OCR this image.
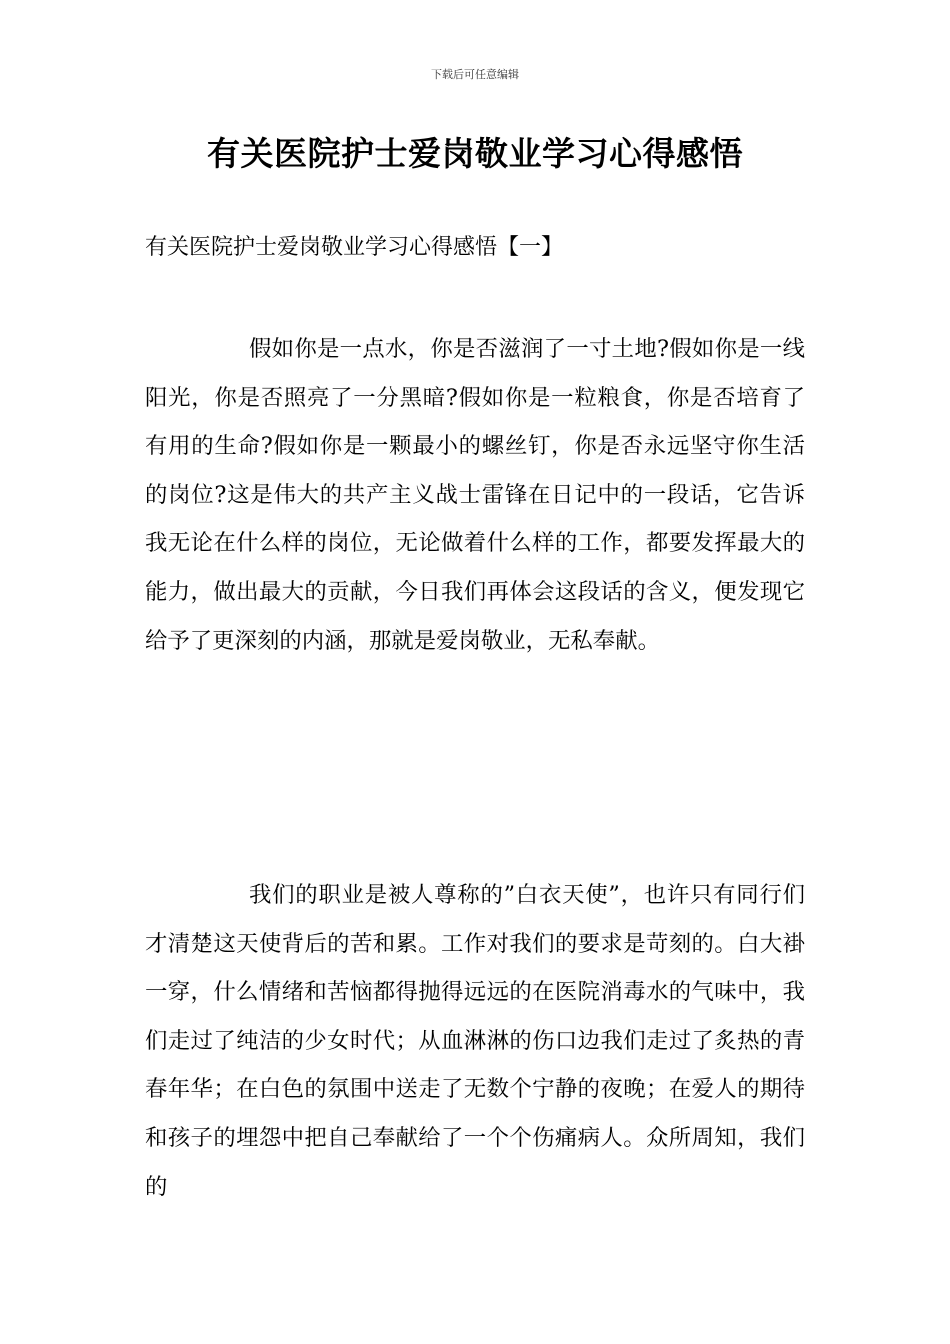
下载后可任意编辑
有关医院护士爱岗敬业学习心得感悟
有关医院护士爱岗敬业学习心得感悟【一】

假如你是一点水，你是否滋润了一寸土地?假如你是一线阳光，你是否照亮了一分黑暗?假如你是一粒粮食，你是否培育了有用的生命?假如你是一颗最小的螺丝钉，你是否永远坚守你生活的岗位?这是伟大的共产主义战士雷锋在日记中的一段话，它告诉我无论在什么样的岗位，无论做着什么样的工作，都要发挥最大的能力，做出最大的贡献，今日我们再体会这段话的含义，便发现它给予了更深刻的内涵，那就是爱岗敬业，无私奉献。

我们的职业是被人尊称的”白衣天使”，也许只有同行们才清楚这天使背后的苦和累。工作对我们的要求是苛刻的。白大褂一穿，什么情绪和苦恼都得抛得远远的在医院消毒水的气味中，我们走过了纯洁的少女时代；从血淋淋的伤口边我们走过了炙热的青春年华；在白色的氛围中送走了无数个宁静的夜晚；在爱人的期待和孩子的埋怨中把自己奉献给了一个个伤痛病人。众所周知，我们的
